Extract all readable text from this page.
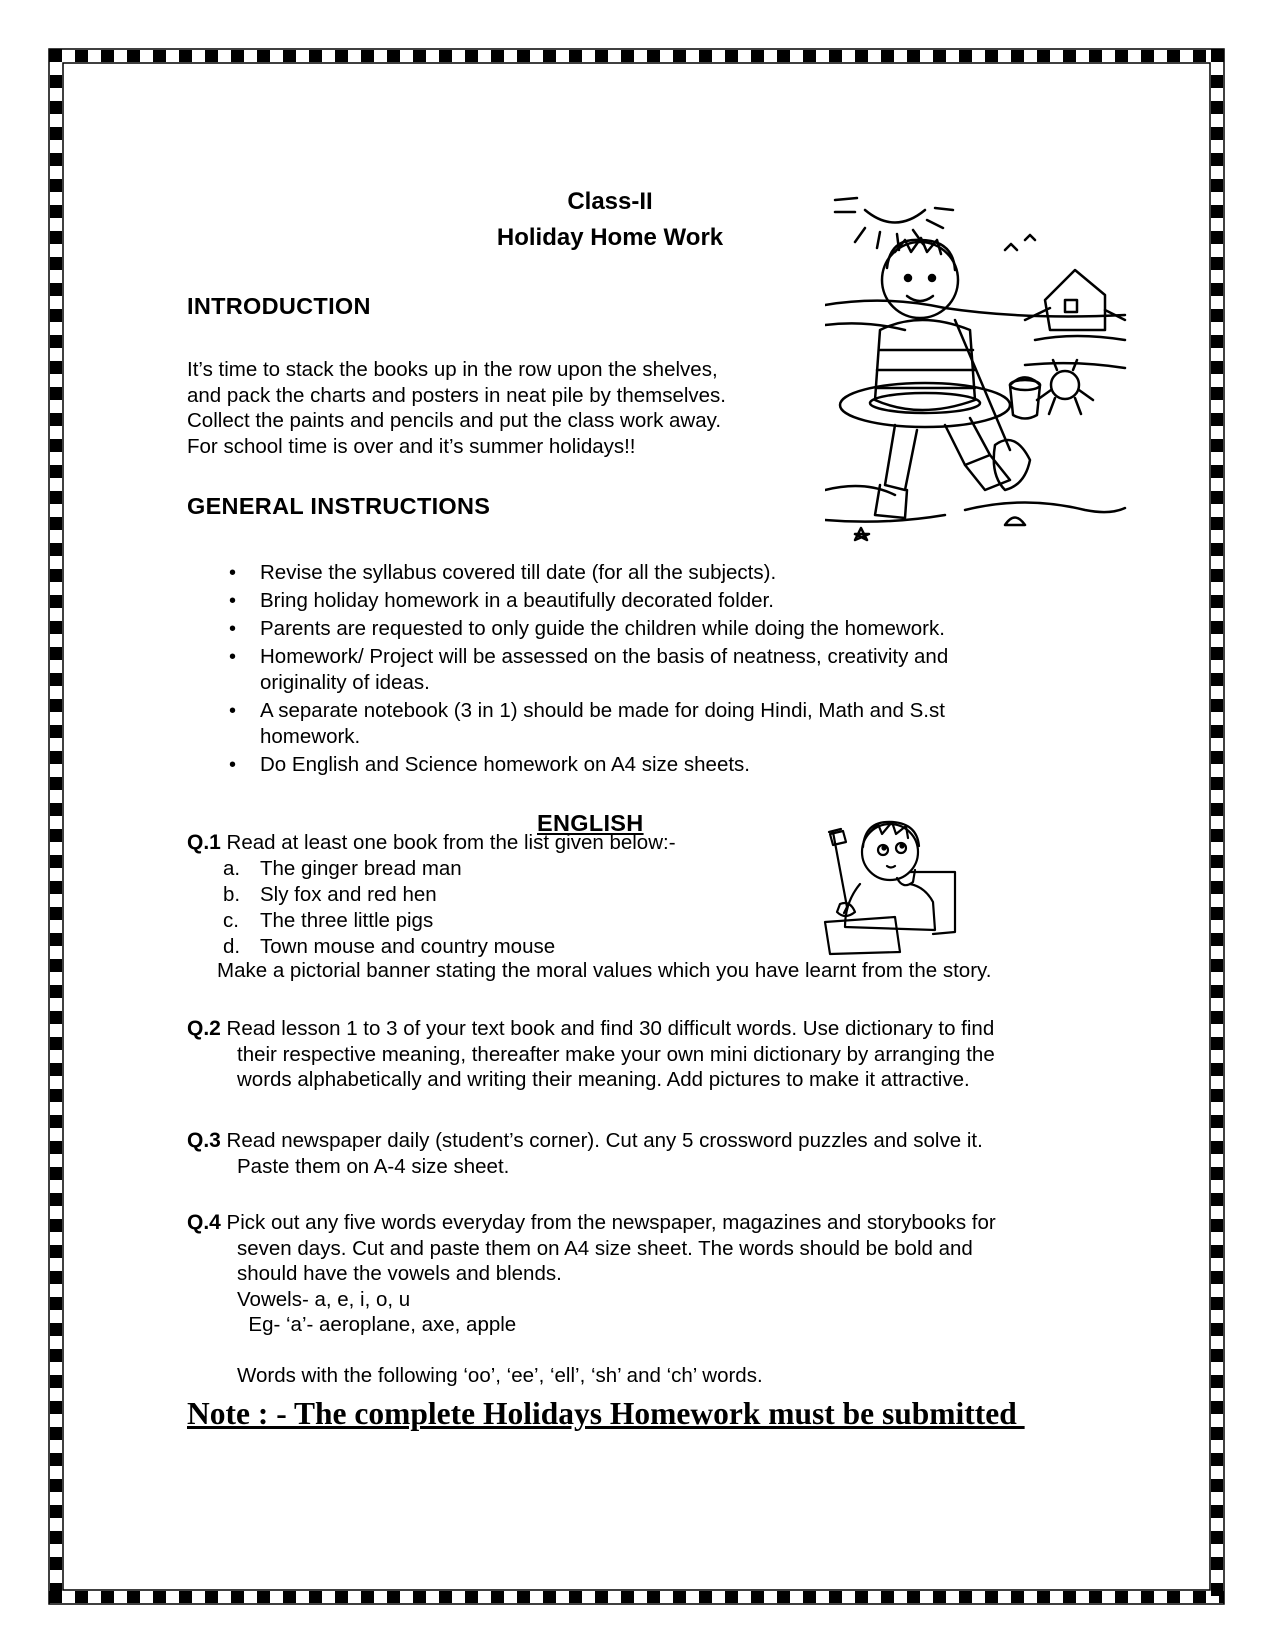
Class-II
Holiday Home Work
INTRODUCTION
It’s time to stack the books up in the row upon the shelves,
and pack the charts and posters in neat pile by themselves.
Collect the paints and pencils and put the class work away.
For school time is over and it’s summer holidays!!
GENERAL INSTRUCTIONS
• Revise the syllabus covered till date (for all the subjects).
• Bring holiday homework in a beautifully decorated folder.
• Parents are requested to only guide the children while doing the homework.
• Homework/ Project will be assessed on the basis of neatness, creativity and originality of ideas.
• A separate notebook (3 in 1) should be made for doing Hindi, Math and S.st homework.
• Do English and Science homework on A4 size sheets.
ENGLISH
Q.1 Read at least one book from the list given below:-
a. The ginger bread man
b. Sly fox and red hen
c. The three little pigs
d. Town mouse and country mouse
Make a pictorial banner stating the moral values which you have learnt from the story.
Q.2 Read lesson 1 to 3 of your text book and find 30 difficult words. Use dictionary to find
their respective meaning, thereafter make your own mini dictionary by arranging the
words alphabetically and writing their meaning. Add pictures to make it attractive.
Q.3 Read newspaper daily (student’s corner). Cut any 5 crossword puzzles and solve it.
Paste them on A-4 size sheet.
Q.4 Pick out any five words everyday from the newspaper, magazines and storybooks for
seven days. Cut and paste them on A4 size sheet. The words should be bold and
should have the vowels and blends.
Vowels- a, e, i, o, u
Eg- ‘a’- aeroplane, axe, apple
Words with the following ‘oo’, ‘ee’, ‘ell’, ‘sh’ and ‘ch’ words.
Note : - The complete Holidays Homework must be submitted
